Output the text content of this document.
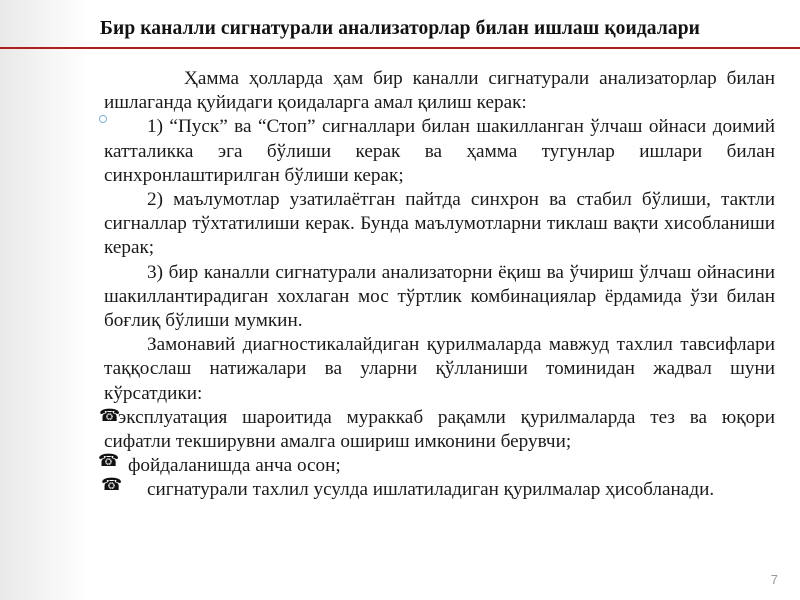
Бир каналли сигнатурали анализаторлар билан ишлаш қоидалари

Ҳамма ҳолларда ҳам бир каналли сигнатурали анализаторлар билан ишлаганда қуйидаги қоидаларга амал қилиш керак:

1) “Пуск” ва “Стоп” сигналлари билан шакилланган ўлчаш ойнаси доимий катталикка эга бўлиши керак ва ҳамма тугунлар ишлари билан синхронлаштирилган бўлиши керак;

2) маълумотлар узатилаётган пайтда синхрон ва стабил бўлиши, тактли сигналлар тўхтатилиши керак. Бунда маълумотларни тиклаш вақти хисобланиши керак;

3) бир каналли сигнатурали анализаторни ёқиш ва ўчириш ўлчаш ойнасини шакиллантирадиган хохлаган мос тўртлик комбинациялар ёрдамида ўзи билан боғлиқ бўлиши мумкин.

Замонавий диагностикалайдиган қурилмаларда мавжуд тахлил тавсифлари таққослаш натижалари ва уларни қўлланиши томинидан жадвал шуни кўрсатдики:

☎
эксплуатация шароитида мураккаб рақамли қурилмаларда тез ва юқори сифатли текширувни амалга ошириш имконини берувчи;

☎ фойдаланишда анча осон;

☎ сигнатурали тахлил усулда ишлатиладиган қурилмалар ҳисобланади.

7
